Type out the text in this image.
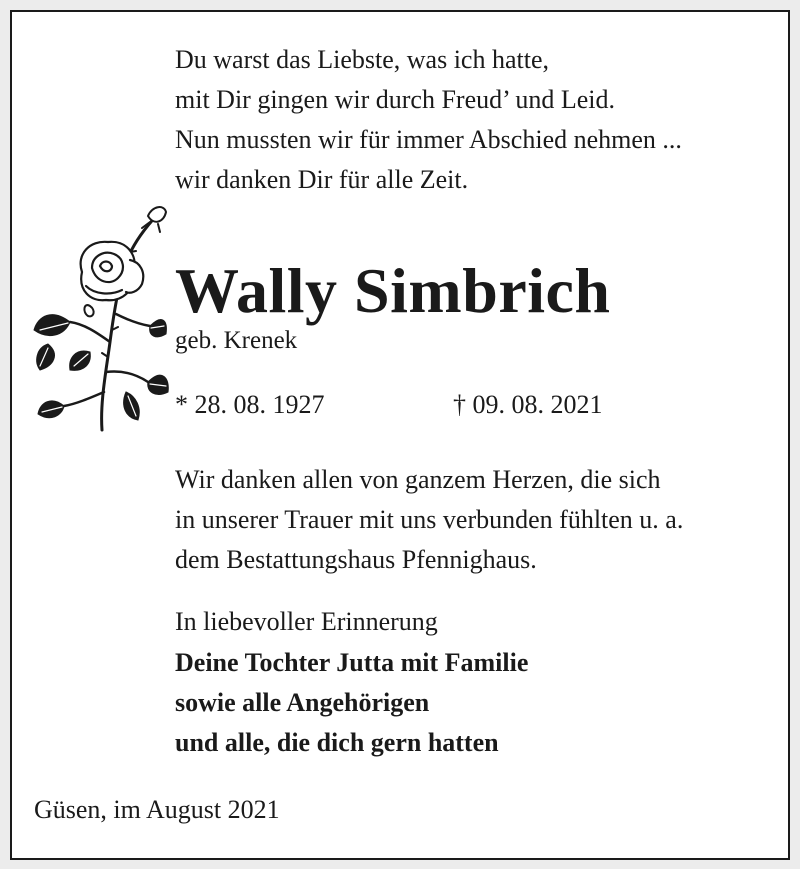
Du warst das Liebste, was ich hatte,
mit Dir gingen wir durch Freud’ und Leid.
Nun mussten wir für immer Abschied nehmen ...
wir danken Dir für alle Zeit.
Wally Simbrich
geb. Krenek
* 28. 08. 1927	† 09. 08. 2021
Wir danken allen von ganzem Herzen, die sich
in unserer Trauer mit uns verbunden fühlten u. a.
dem Bestattungshaus Pfennighaus.
In liebevoller Erinnerung
Deine Tochter Jutta mit Familie
sowie alle Angehörigen
und alle, die dich gern hatten
Güsen, im August 2021
